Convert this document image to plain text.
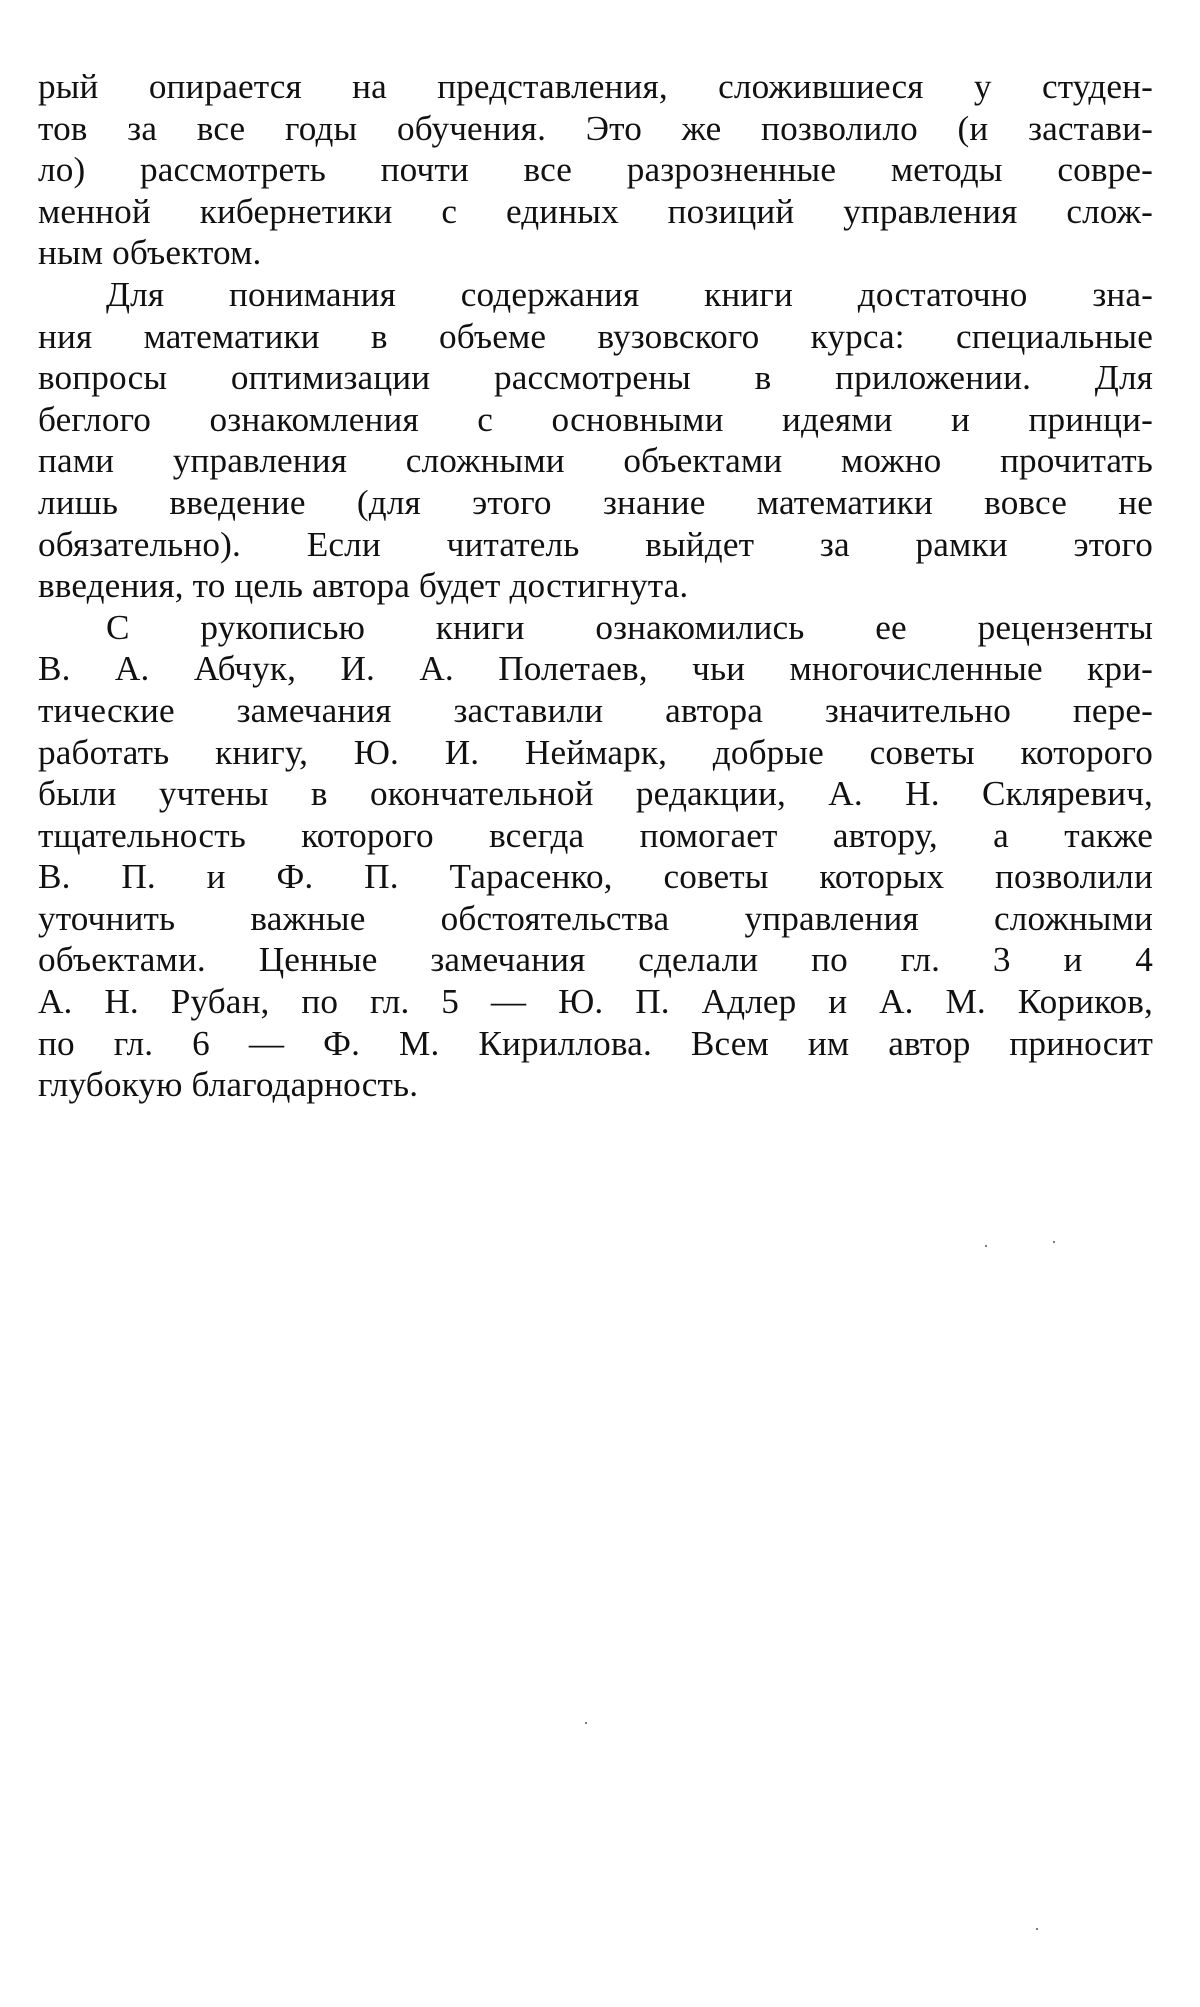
рый опирается на представления, сложившиеся у студен-
тов за все годы обучения. Это же позволило (и застави-
ло) рассмотреть почти все разрозненные методы совре-
менной кибернетики с единых позиций управления слож-
ным объектом.
Для понимания содержания книги достаточно зна-
ния математики в объеме вузовского курса: специальные
вопросы оптимизации рассмотрены в приложении. Для
беглого ознакомления с основными идеями и принци-
пами управления сложными объектами можно прочитать
лишь введение (для этого знание математики вовсе не
обязательно). Если читатель выйдет за рамки этого
введения, то цель автора будет достигнута.
С рукописью книги ознакомились ее рецензенты
В. А. Абчук, И. А. Полетаев, чьи многочисленные кри-
тические замечания заставили автора значительно пере-
работать книгу, Ю. И. Неймарк, добрые советы которого
были учтены в окончательной редакции, А. Н. Скляревич,
тщательность которого всегда помогает автору, а также
В. П. и Ф. П. Тарасенко, советы которых позволили
уточнить важные обстоятельства управления сложными
объектами. Ценные замечания сделали по гл. 3 и 4
А. Н. Рубан, по гл. 5 — Ю. П. Адлер и А. М. Кориков,
по гл. 6 — Ф. М. Кириллова. Всем им автор приносит
глубокую благодарность.
